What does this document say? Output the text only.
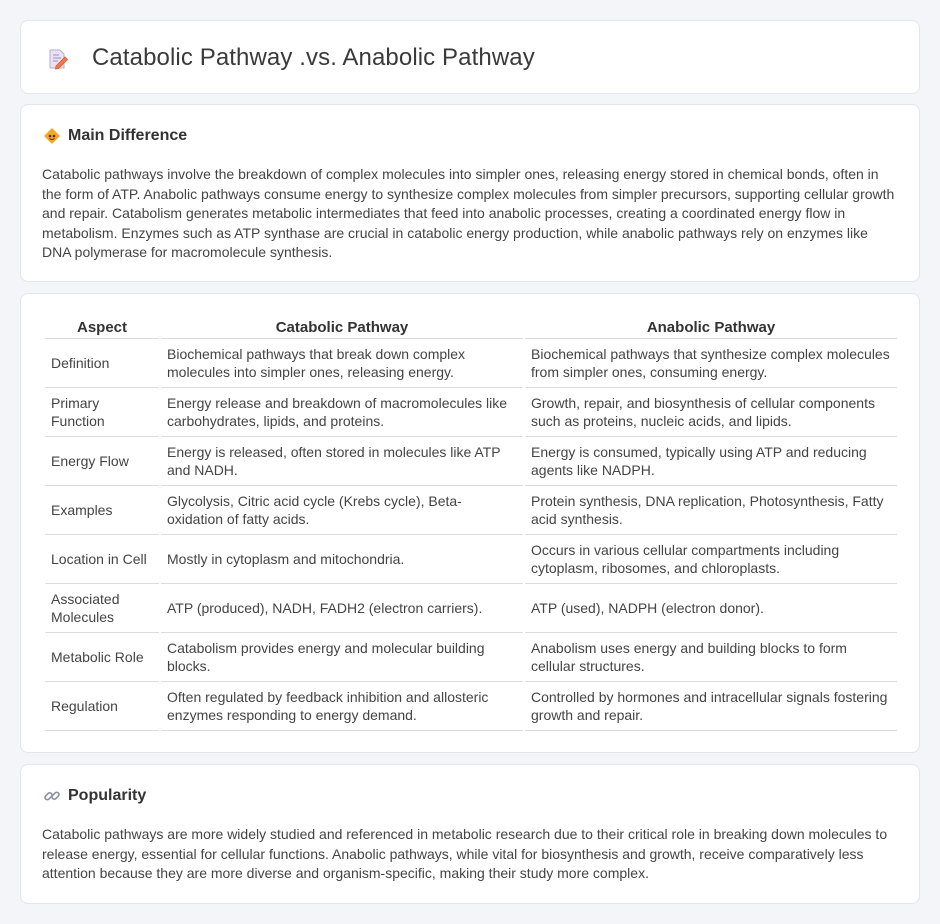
Catabolic Pathway .vs. Anabolic Pathway
Main Difference

Catabolic pathways involve the breakdown of complex molecules into simpler ones, releasing energy stored in chemical bonds, often in the form of ATP. Anabolic pathways consume energy to synthesize complex molecules from simpler precursors, supporting cellular growth and repair. Catabolism generates metabolic intermediates that feed into anabolic processes, creating a coordinated energy flow in metabolism. Enzymes such as ATP synthase are crucial in catabolic energy production, while anabolic pathways rely on enzymes like DNA polymerase for macromolecule synthesis.

Aspect	Catabolic Pathway	Anabolic Pathway
Definition	Biochemical pathways that break down complex molecules into simpler ones, releasing energy.	Biochemical pathways that synthesize complex molecules from simpler ones, consuming energy.
Primary Function	Energy release and breakdown of macromolecules like carbohydrates, lipids, and proteins.	Growth, repair, and biosynthesis of cellular components such as proteins, nucleic acids, and lipids.
Energy Flow	Energy is released, often stored in molecules like ATP and NADH.	Energy is consumed, typically using ATP and reducing agents like NADPH.
Examples	Glycolysis, Citric acid cycle (Krebs cycle), Beta-oxidation of fatty acids.	Protein synthesis, DNA replication, Photosynthesis, Fatty acid synthesis.
Location in Cell	Mostly in cytoplasm and mitochondria.	Occurs in various cellular compartments including cytoplasm, ribosomes, and chloroplasts.
Associated Molecules	ATP (produced), NADH, FADH2 (electron carriers).	ATP (used), NADPH (electron donor).
Metabolic Role	Catabolism provides energy and molecular building blocks.	Anabolism uses energy and building blocks to form cellular structures.
Regulation	Often regulated by feedback inhibition and allosteric enzymes responding to energy demand.	Controlled by hormones and intracellular signals fostering growth and repair.
Popularity

Catabolic pathways are more widely studied and referenced in metabolic research due to their critical role in breaking down molecules to release energy, essential for cellular functions. Anabolic pathways, while vital for biosynthesis and growth, receive comparatively less attention because they are more diverse and organism-specific, making their study more complex.
